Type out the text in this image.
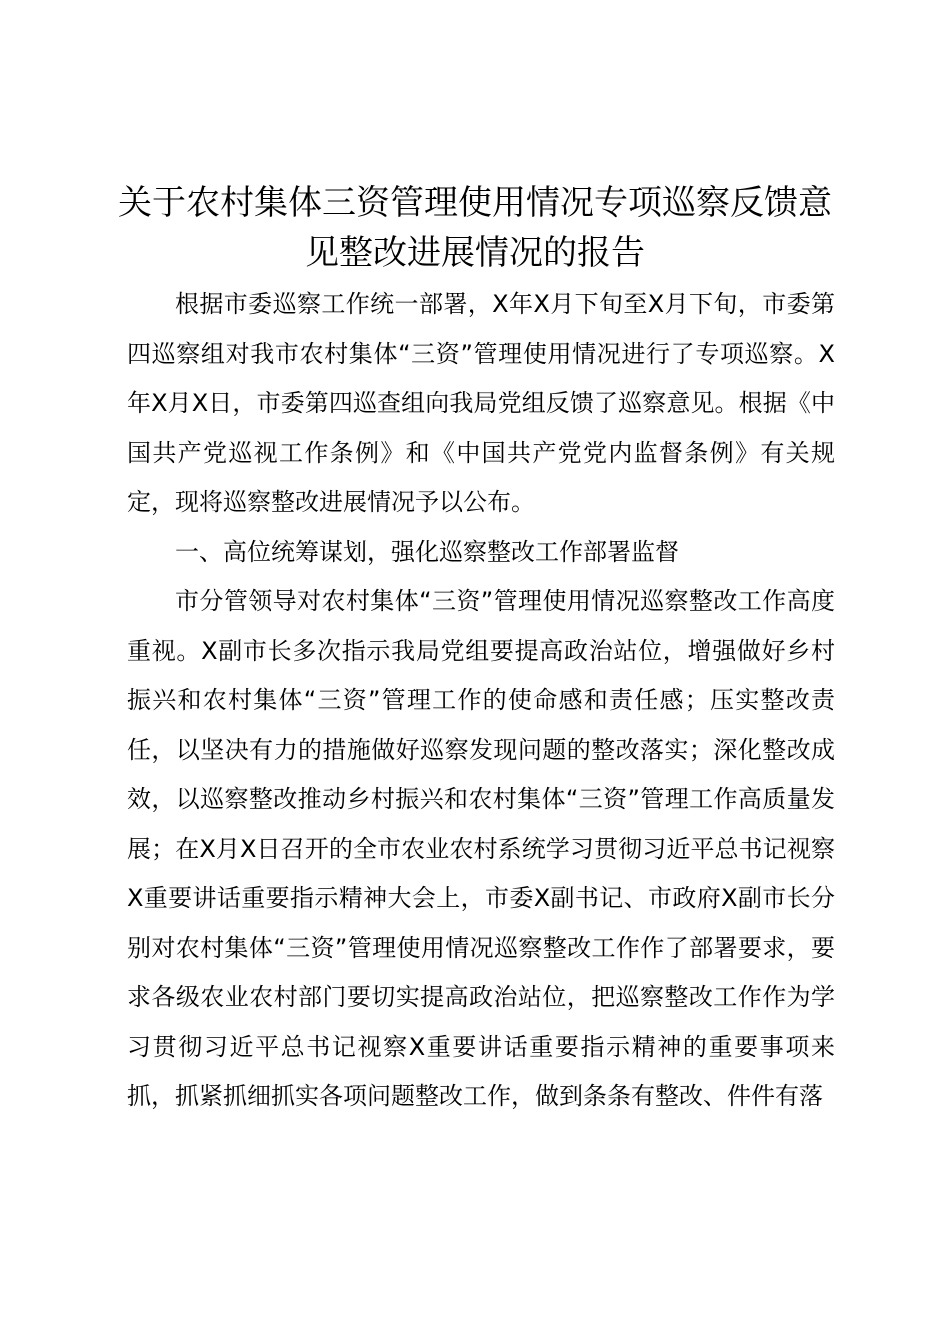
关于农村集体三资管理使用情况专项巡察反馈意见整改进展情况的报告

根据市委巡察工作统一部署，X年X月下旬至X月下旬，市委第四巡察组对我市农村集体“三资”管理使用情况进行了专项巡察。X年X月X日，市委第四巡查组向我局党组反馈了巡察意见。根据《中国共产党巡视工作条例》和《中国共产党党内监督条例》有关规定，现将巡察整改进展情况予以公布。

一、高位统筹谋划，强化巡察整改工作部署监督

市分管领导对农村集体“三资”管理使用情况巡察整改工作高度重视。X副市长多次指示我局党组要提高政治站位，增强做好乡村振兴和农村集体“三资”管理工作的使命感和责任感；压实整改责任，以坚决有力的措施做好巡察发现问题的整改落实；深化整改成效，以巡察整改推动乡村振兴和农村集体“三资”管理工作高质量发展；在X月X日召开的全市农业农村系统学习贯彻习近平总书记视察X重要讲话重要指示精神大会上，市委X副书记、市政府X副市长分别对农村集体“三资”管理使用情况巡察整改工作作了部署要求，要求各级农业农村部门要切实提高政治站位，把巡察整改工作作为学习贯彻习近平总书记视察X重要讲话重要指示精神的重要事项来抓，抓紧抓细抓实各项问题整改工作，做到条条有整改、件件有落
